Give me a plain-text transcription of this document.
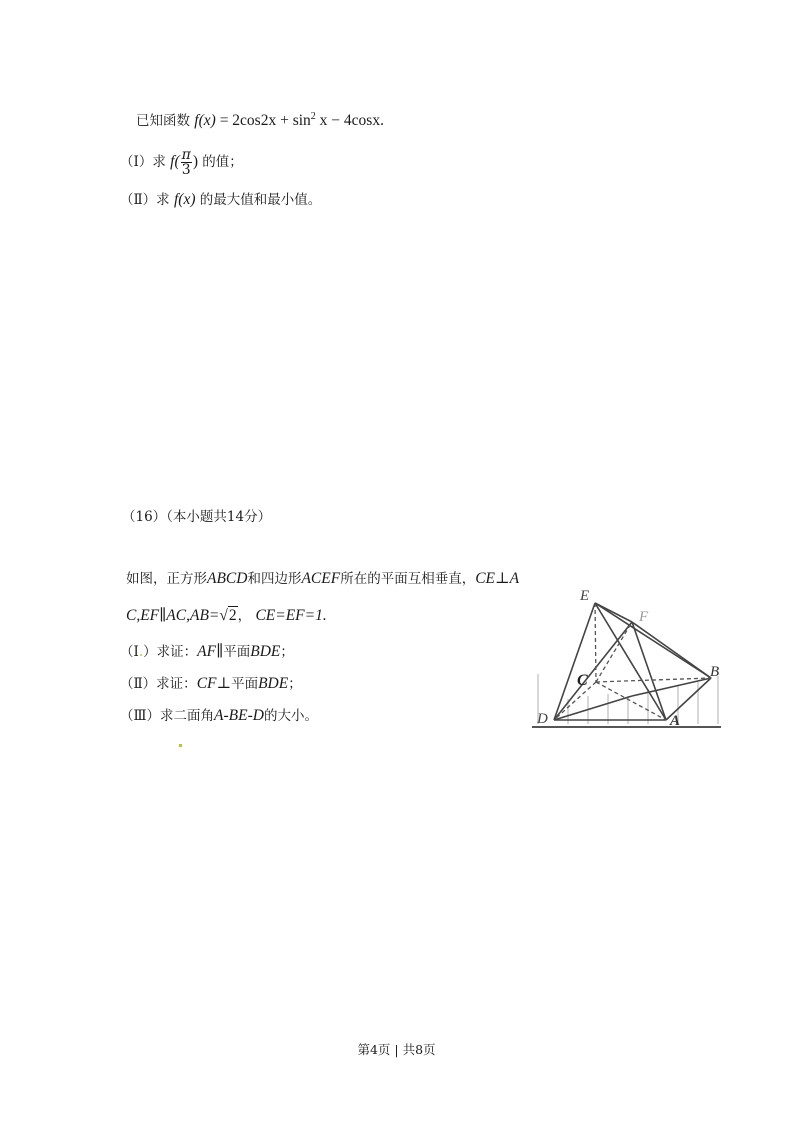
已知函数 $f(x) = 2\cos 2x + \sin^2 x - 4\cos x$.
（Ⅰ）求 $f( \frac{\pi}{3}$ ) 的值；
（Ⅱ）求 f(x) 的最大值和最小值。
（16）（本小题共14分）
如图，正方形ABCD和四边形ACEF所在的平面互相垂直，CE⊥A
C,EF∥AC,AB=√2， CE=EF=1.
（Ⅰ.）求证：AF∥平面BDE；
（Ⅱ）求证：CF⊥平面BDE；
（Ⅲ）求二面角A-BE-D的大小。
E
F
B
C
D	A
第4页 | 共8页
